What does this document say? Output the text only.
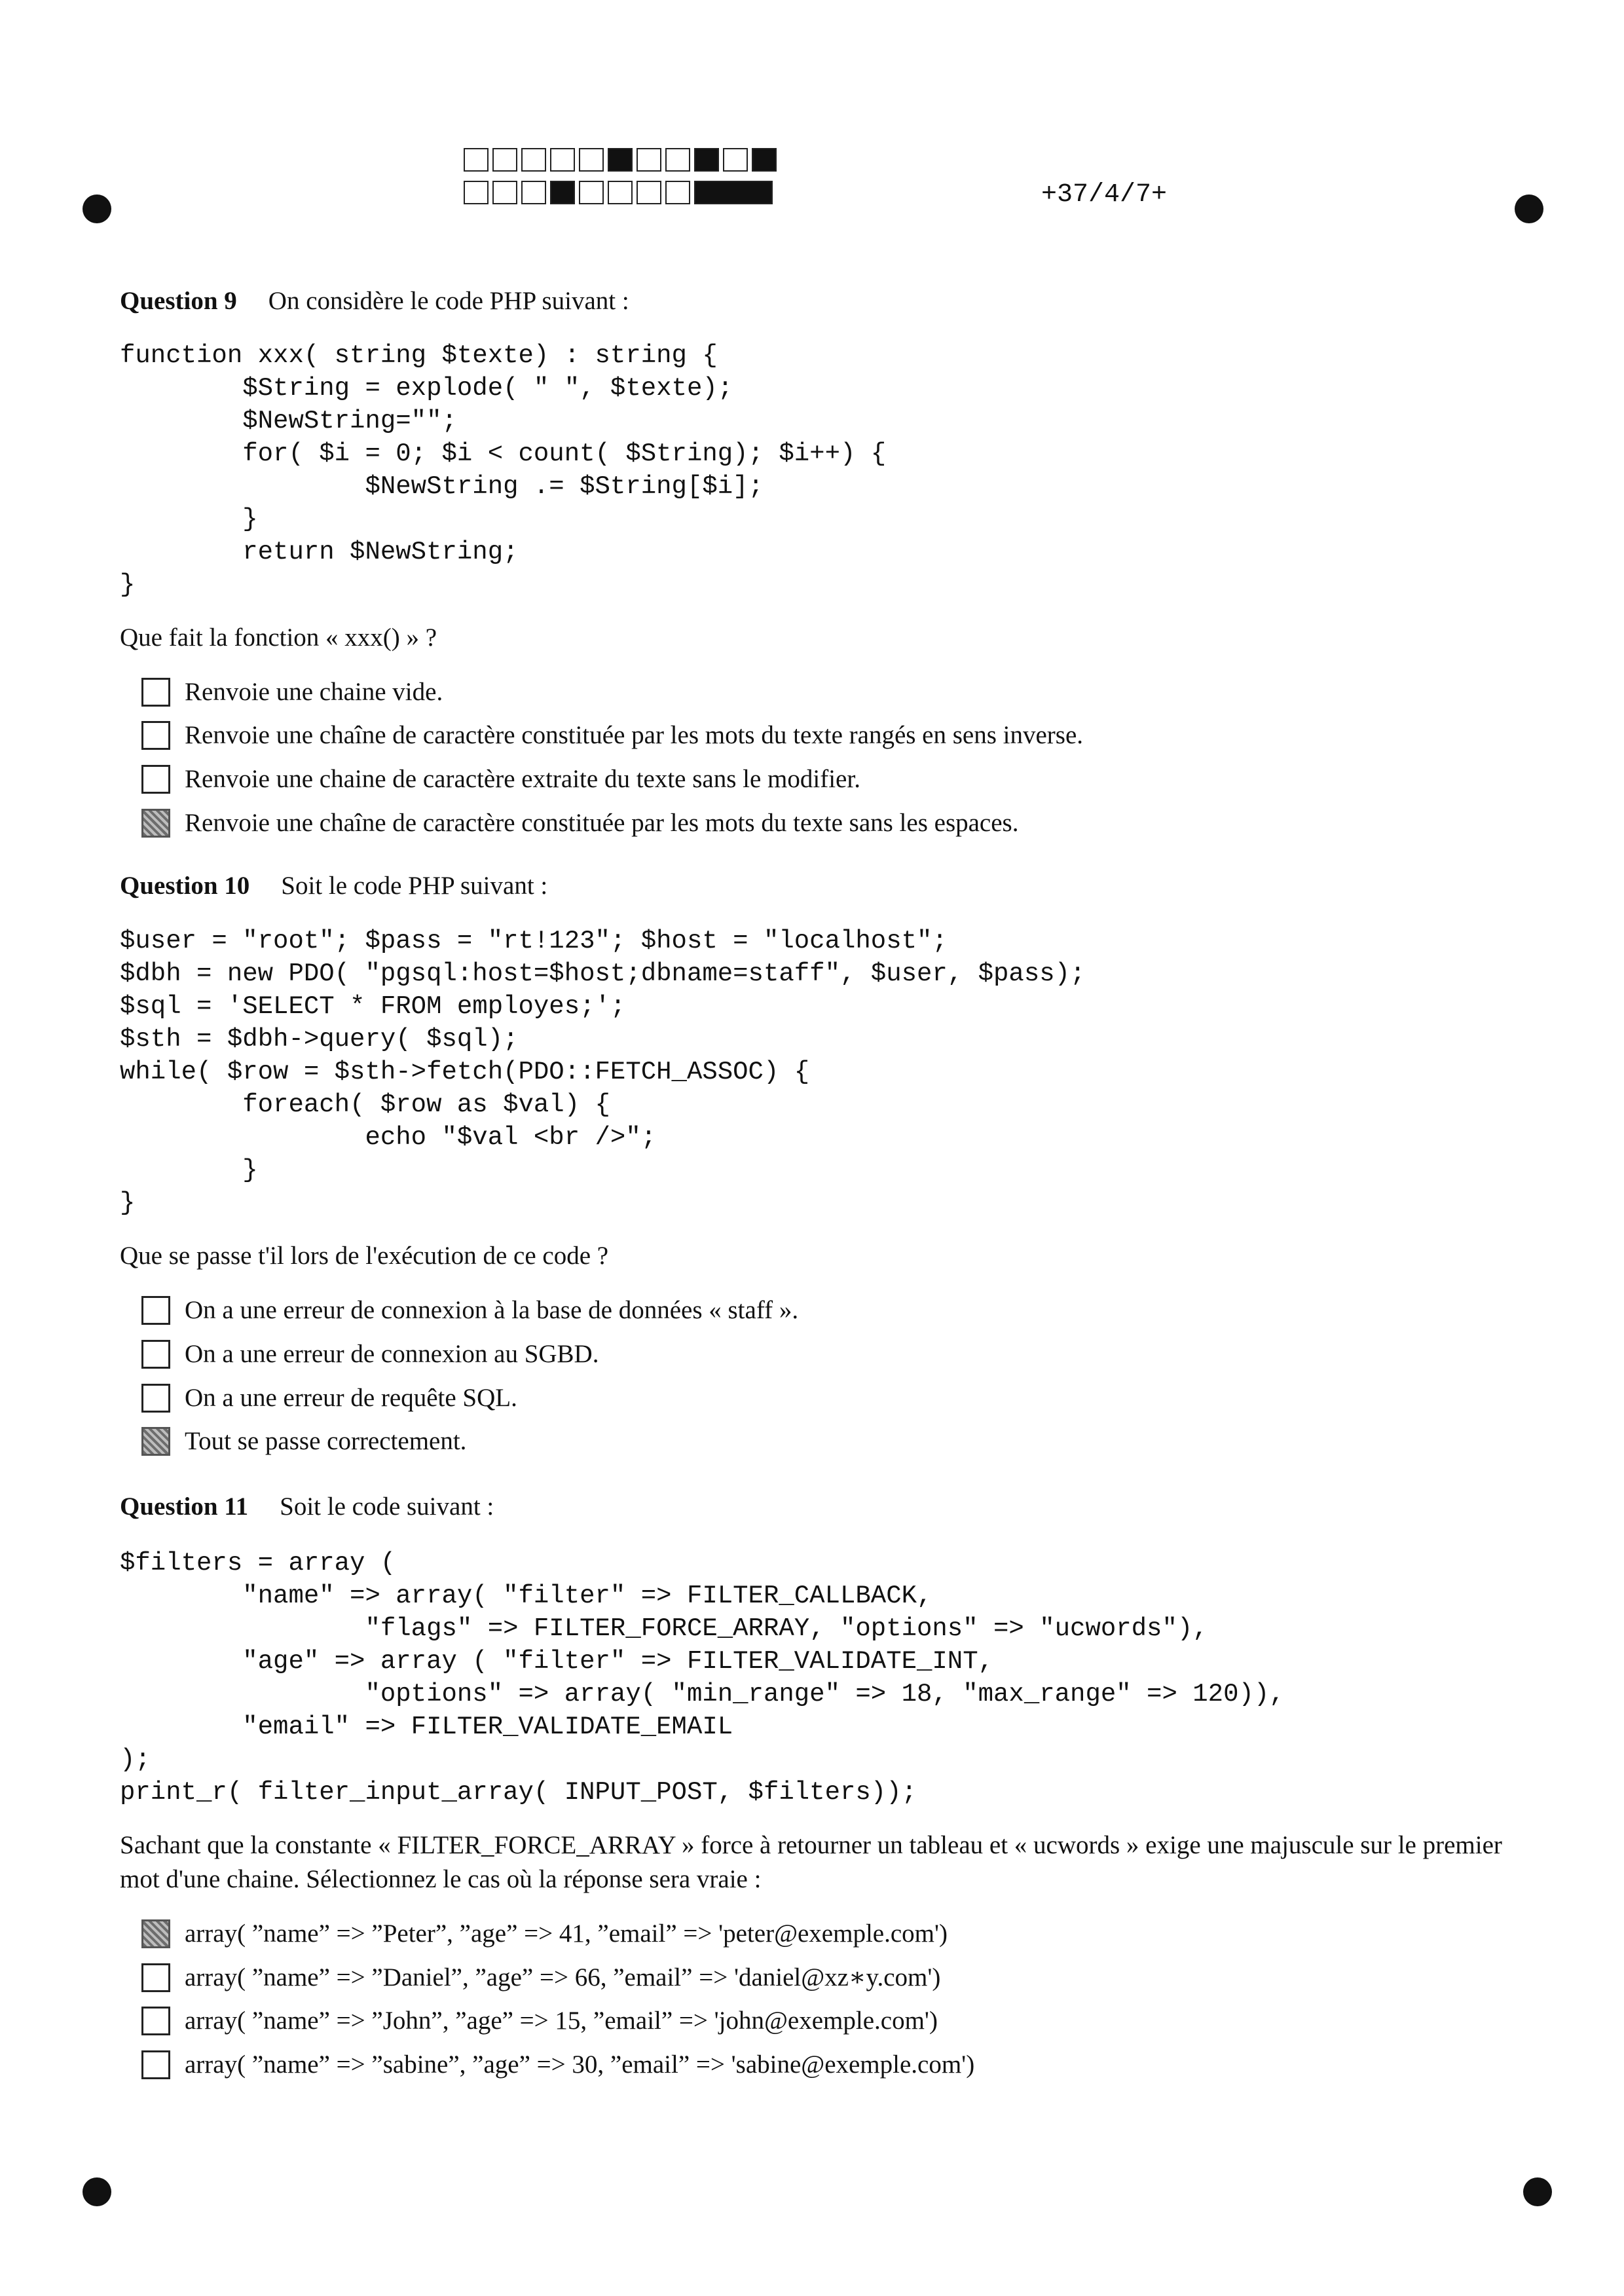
+37/4/7+
Question 9 On considère le code PHP suivant :
function xxx( string $texte) : string {
$String = explode( " ", $texte);
$NewString="";
for( $i = 0; $i < count( $String); $i++) {
$NewString .= $String[$i];
}
return $NewString;
}
Que fait la fonction « xxx() » ?
Renvoie une chaine vide.
Renvoie une chaîne de caractère constituée par les mots du texte rangés en sens inverse.
Renvoie une chaine de caractère extraite du texte sans le modifier.
Renvoie une chaîne de caractère constituée par les mots du texte sans les espaces.
Question 10 Soit le code PHP suivant :
$user = "root"; $pass = "rt!123"; $host = "localhost";
$dbh = new PDO( "pgsql:host=$host;dbname=staff", $user, $pass);
$sql = 'SELECT * FROM employes;';
$sth = $dbh->query( $sql);
while( $row = $sth->fetch(PDO::FETCH_ASSOC) {
foreach( $row as $val) {
echo "$val <br />";
}
}
Que se passe t'il lors de l'exécution de ce code ?
On a une erreur de connexion à la base de données « staff ».
On a une erreur de connexion au SGBD.
On a une erreur de requête SQL.
Tout se passe correctement.
Question 11 Soit le code suivant :
$filters = array (
"name" => array( "filter" => FILTER_CALLBACK,
"flags" => FILTER_FORCE_ARRAY, "options" => "ucwords"),
"age" => array ( "filter" => FILTER_VALIDATE_INT,
"options" => array( "min_range" => 18, "max_range" => 120)),
"email" => FILTER_VALIDATE_EMAIL
);
print_r( filter_input_array( INPUT_POST, $filters));
Sachant que la constante « FILTER_FORCE_ARRAY » force à retourner un tableau et « ucwords » exige une majuscule sur le premier mot d'une chaine. Sélectionnez le cas où la réponse sera vraie :
array( ”name” => ”Peter”, ”age” => 41, ”email” => 'peter@exemple.com')
array( ”name” => ”Daniel”, ”age” => 66, ”email” => 'daniel@xz∗y.com')
array( ”name” => ”John”, ”age” => 15, ”email” => 'john@exemple.com')
array( ”name” => ”sabine”, ”age” => 30, ”email” => 'sabine@exemple.com')
